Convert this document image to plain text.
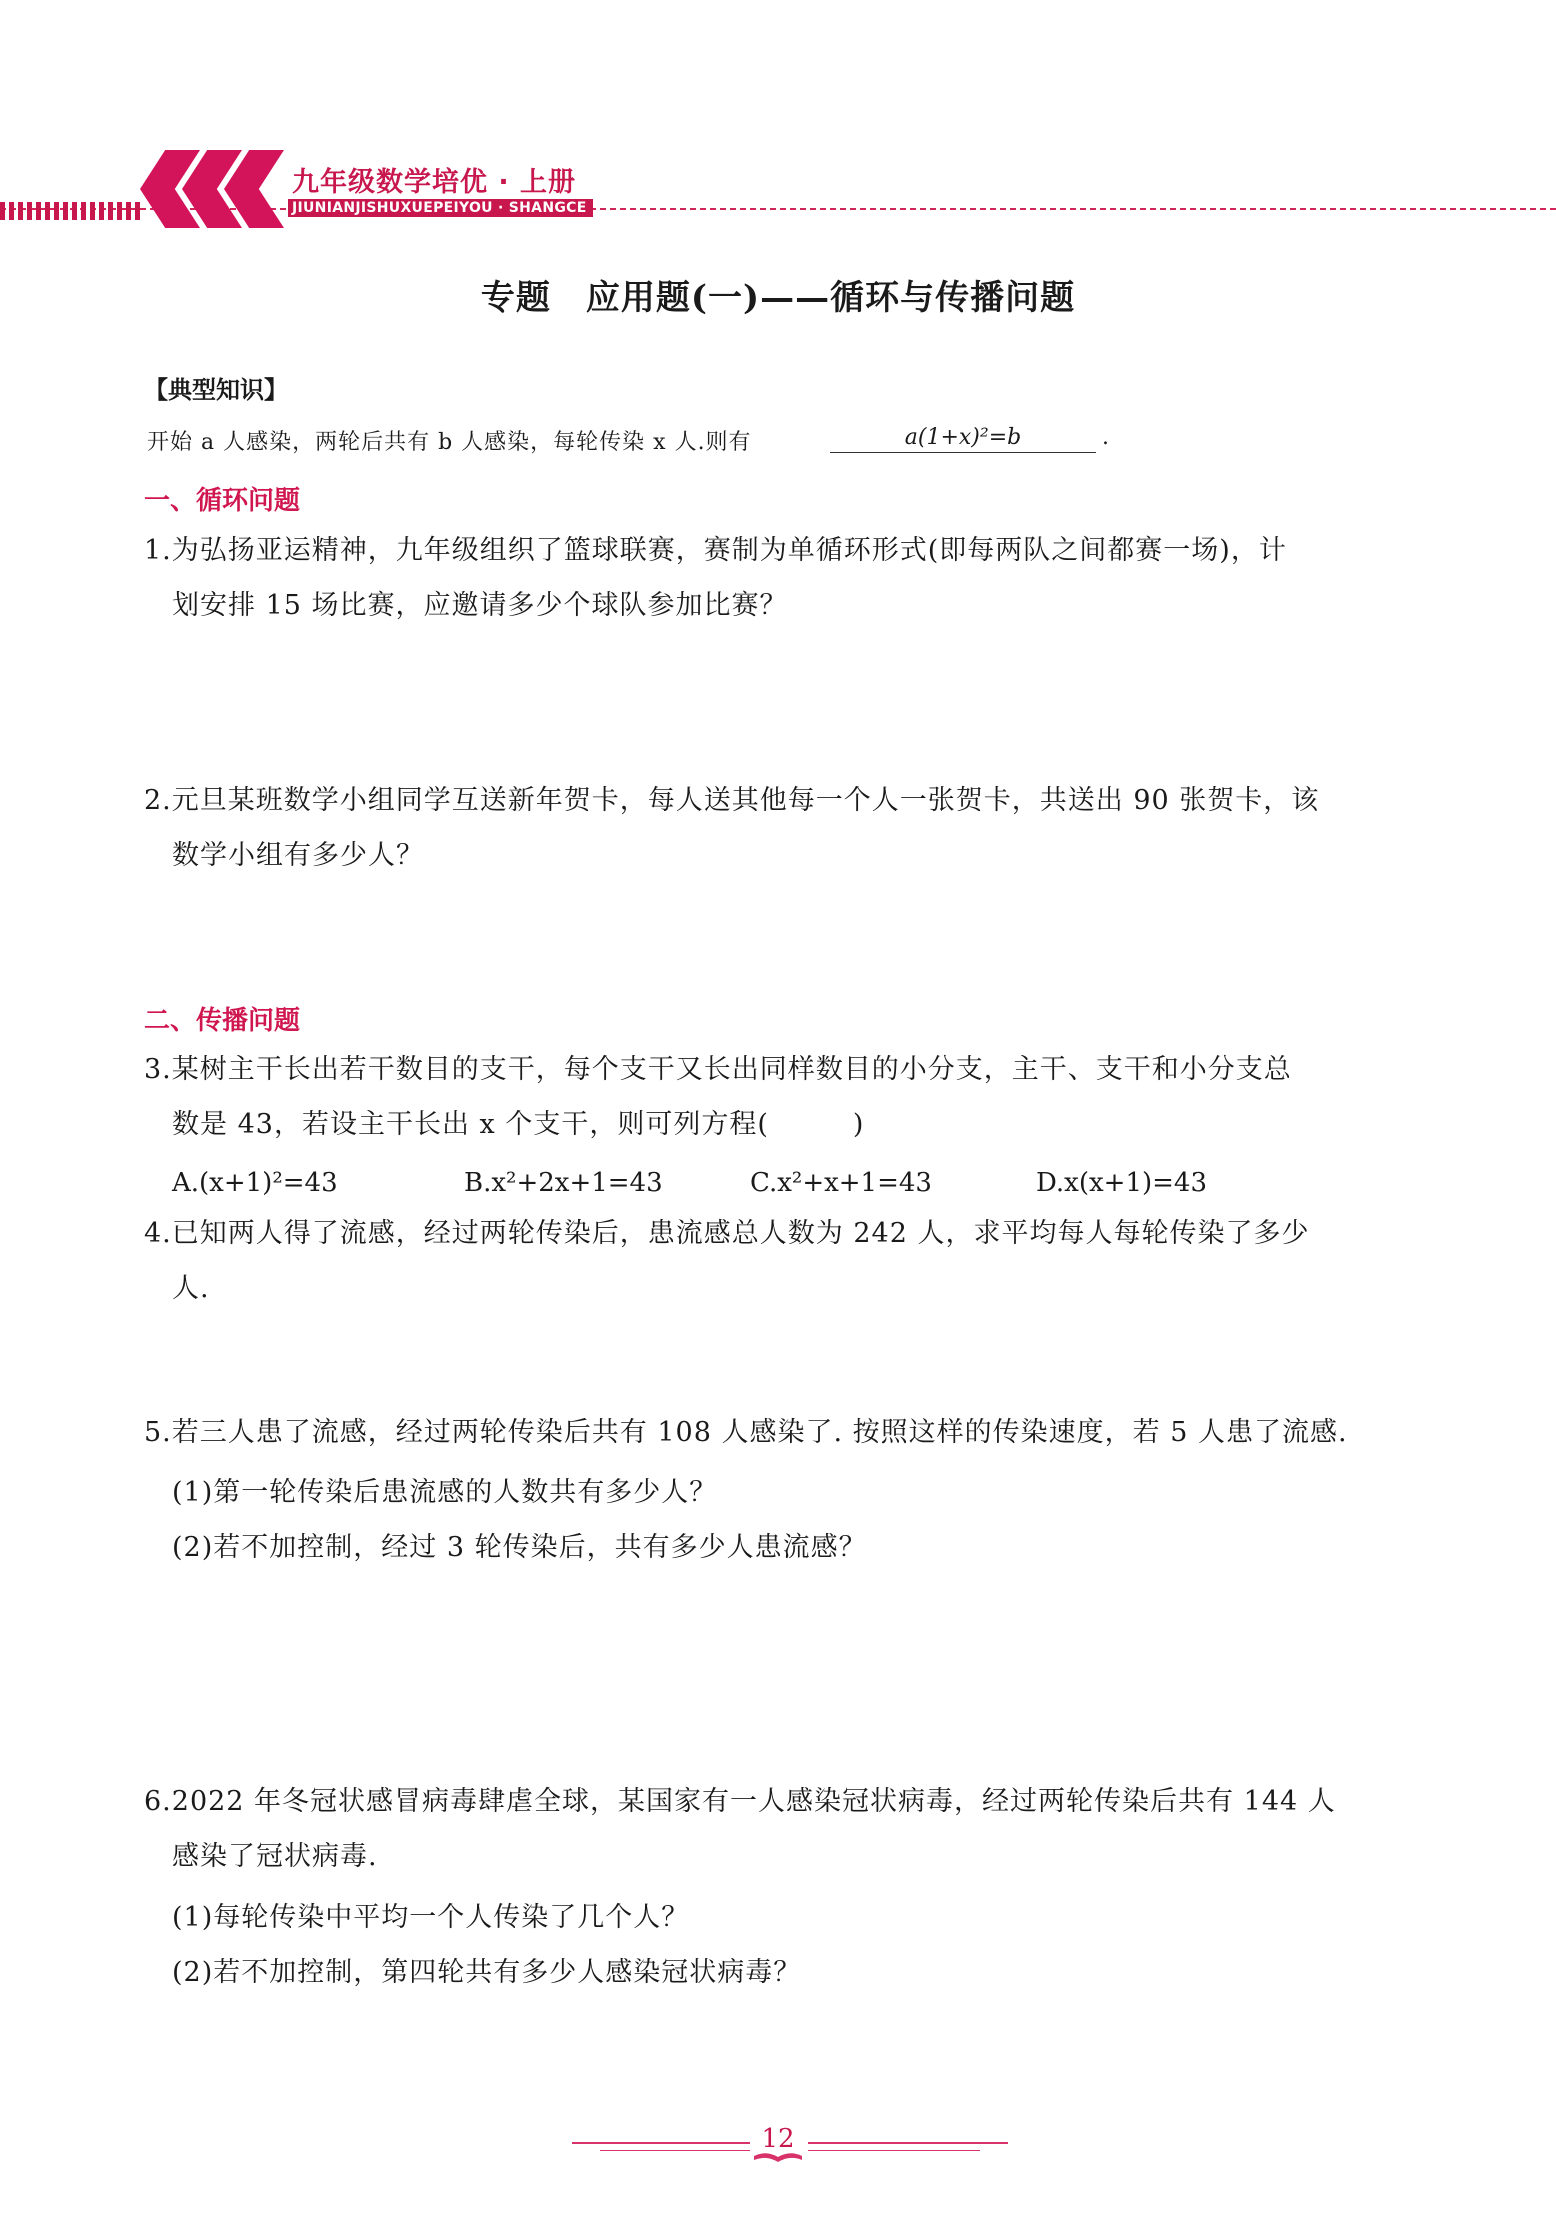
九年级数学培优 · 上册
JIUNIANJISHUXUEPEIYOU · SHANGCE
专题　应用题(一)——循环与传播问题
【典型知识】
开始 a 人感染，两轮后共有 b 人感染，每轮传染 x 人.则有	a(1+x)²=b	.
一、循环问题
1.为弘扬亚运精神，九年级组织了篮球联赛，赛制为单循环形式(即每两队之间都赛一场)，计
划安排 15 场比赛，应邀请多少个球队参加比赛？
2.元旦某班数学小组同学互送新年贺卡，每人送其他每一个人一张贺卡，共送出 90 张贺卡，该
数学小组有多少人？
二、传播问题
3.某树主干长出若干数目的支干，每个支干又长出同样数目的小分支，主干、支干和小分支总
数是 43，若设主干长出 x 个支干，则可列方程(　　　)
A.(x+1)²=43	B.x²+2x+1=43	C.x²+x+1=43	D.x(x+1)=43
4.已知两人得了流感，经过两轮传染后，患流感总人数为 242 人，求平均每人每轮传染了多少
人.
5.若三人患了流感，经过两轮传染后共有 108 人感染了. 按照这样的传染速度，若 5 人患了流感.
(1)第一轮传染后患流感的人数共有多少人？
(2)若不加控制，经过 3 轮传染后，共有多少人患流感？
6.2022 年冬冠状感冒病毒肆虐全球，某国家有一人感染冠状病毒，经过两轮传染后共有 144 人
感染了冠状病毒.
(1)每轮传染中平均一个人传染了几个人？
(2)若不加控制，第四轮共有多少人感染冠状病毒？
12
